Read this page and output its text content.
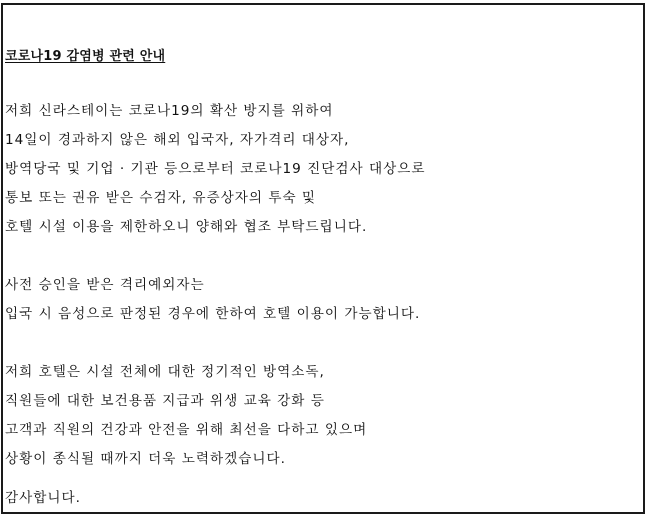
코로나19 감염병 관련 안내
저희 신라스테이는 코로나19의 확산 방지를 위하여
14일이 경과하지 않은 해외 입국자, 자가격리 대상자,
방역당국 및 기업 · 기관 등으로부터 코로나19 진단검사 대상으로
통보 또는 권유 받은 수검자, 유증상자의 투숙 및
호텔 시설 이용을 제한하오니 양해와 협조 부탁드립니다.
사전 승인을 받은 격리예외자는
입국 시 음성으로 판정된 경우에 한하여 호텔 이용이 가능합니다.
저희 호텔은 시설 전체에 대한 정기적인 방역소독,
직원들에 대한 보건용품 지급과 위생 교육 강화 등
고객과 직원의 건강과 안전을 위해 최선을 다하고 있으며
상황이 종식될 때까지 더욱 노력하겠습니다.
감사합니다.
